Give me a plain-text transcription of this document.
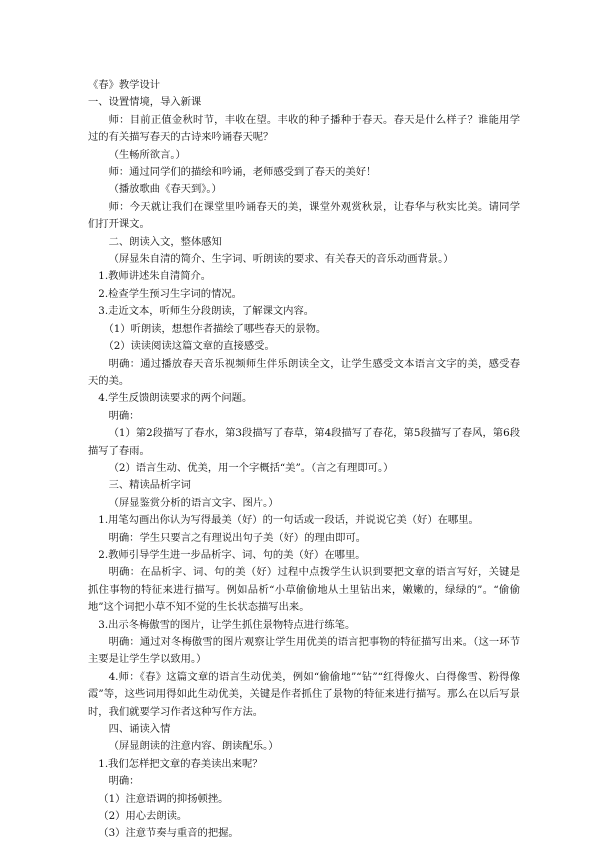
《春》教学设计

一、设置情境，导入新课

师：目前正值金秋时节，丰收在望。丰收的种子播种于春天。春天是什么样子？谁能用学过的有关描写春天的古诗来吟诵春天呢？

（生畅所欲言。）

师：通过同学们的描绘和吟诵，老师感受到了春天的美好！

（播放歌曲《春天到》。）

师：今天就让我们在课堂里吟诵春天的美，课堂外观赏秋景，让春华与秋实比美。请同学们打开课文。

二、朗读入文，整体感知

（屏显朱自清的简介、生字词、听朗读的要求、有关春天的音乐动画背景。）

1.教师讲述朱自清简介。

2.检查学生预习生字词的情况。

3.走近文本，听师生分段朗读，了解课文内容。

（1）听朗读，想想作者描绘了哪些春天的景物。

（2）读读阅读这篇文章的直接感受。

明确：通过播放春天音乐视频师生伴乐朗读全文，让学生感受文本语言文字的美，感受春天的美。

4.学生反馈朗读要求的两个问题。

明确：

（1）第2段描写了春水，第3段描写了春草，第4段描写了春花，第5段描写了春风，第6段描写了春雨。

（2）语言生动、优美，用一个字概括“美”。（言之有理即可。）

三、精读品析字词

（屏显鉴赏分析的语言文字、图片。）

1.用笔勾画出你认为写得最美（好）的一句话或一段话，并说说它美（好）在哪里。

明确：学生只要言之有理说出句子美（好）的理由即可。

2.教师引导学生进一步品析字、词、句的美（好）在哪里。

明确：在品析字、词、句的美（好）过程中点拨学生认识到要把文章的语言写好，关键是抓住事物的特征来进行描写。例如品析“小草偷偷地从土里钻出来，嫩嫩的，绿绿的”。“偷偷地”这个词把小草不知不觉的生长状态描写出来。

3.出示冬梅傲雪的图片，让学生抓住景物特点进行练笔。

明确：通过对冬梅傲雪的图片观察让学生用优美的语言把事物的特征描写出来。（这一环节主要是让学生学以致用。）

4.师：《春》这篇文章的语言生动优美，例如“偷偷地”“钻”“红得像火、白得像雪、粉得像霞”等，这些词用得如此生动优美，关键是作者抓住了景物的特征来进行描写。那么在以后写景时，我们就要学习作者这种写作方法。

四、诵读入情

（屏显朗读的注意内容、朗读配乐。）

1.我们怎样把文章的春美读出来呢？

明确：

（1）注意语调的抑扬顿挫。

（2）用心去朗读。

（3）注意节奏与重音的把握。
